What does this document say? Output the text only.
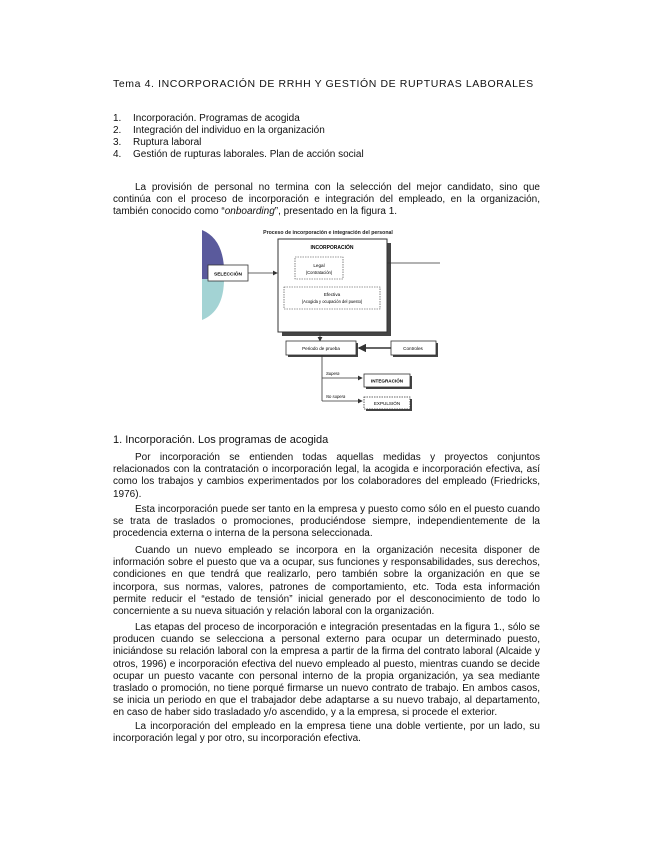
Tema 4. INCORPORACIÓN DE RRHH Y GESTIÓN DE RUPTURAS LABORALES
1.	Incorporación. Programas de acogida
2.	Integración del individuo en la organización
3.	Ruptura laboral
4.	Gestión de rupturas laborales. Plan de acción social

La provisión de personal no termina con la selección del mejor candidato, sino que continúa con el proceso de incorporación e integración del empleado, en la organización, también conocido como “onboarding”, presentado en la figura 1.

Proceso de incorporación e integración del personal
SELECCIÓN
INCORPORACIÓN
Legal
(Contratación)
Efectiva
(Acogida y ocupación del puesto)
Periodo de prueba	Controles
Supera
INTEGRACIÓN
No supera
EXPULSIÓN
1. Incorporación. Los programas de acogida

Por incorporación se entienden todas aquellas medidas y proyectos conjuntos relacionados con la contratación o incorporación legal, la acogida e incorporación efectiva, así como los trabajos y cambios experimentados por los colaboradores del empleado (Friedricks, 1976).

Esta incorporación puede ser tanto en la empresa y puesto como sólo en el puesto cuando se trata de traslados o promociones, produciéndose siempre, independientemente de la procedencia externa o interna de la persona seleccionada.

Cuando un nuevo empleado se incorpora en la organización necesita disponer de información sobre el puesto que va a ocupar, sus funciones y responsabilidades, sus derechos, condiciones en que tendrá que realizarlo, pero también sobre la organización en que se incorpora, sus normas, valores, patrones de comportamiento, etc. Toda esta información permite reducir el “estado de tensión” inicial generado por el desconocimiento de todo lo concerniente a su nueva situación y relación laboral con la organización.

Las etapas del proceso de incorporación e integración presentadas en la figura 1., sólo se producen cuando se selecciona a personal externo para ocupar un determinado puesto, iniciándose su relación laboral con la empresa a partir de la firma del contrato laboral (Alcaide y otros, 1996) e incorporación efectiva del nuevo empleado al puesto, mientras cuando se decide ocupar un puesto vacante con personal interno de la propia organización, ya sea mediante traslado o promoción, no tiene porqué firmarse un nuevo contrato de trabajo. En ambos casos, se inicia un periodo en que el trabajador debe adaptarse a su nuevo trabajo, al departamento, en caso de haber sido trasladado y/o ascendido, y a la empresa, si procede el exterior.

La incorporación del empleado en la empresa tiene una doble vertiente, por un lado, su incorporación legal y por otro, su incorporación efectiva.
